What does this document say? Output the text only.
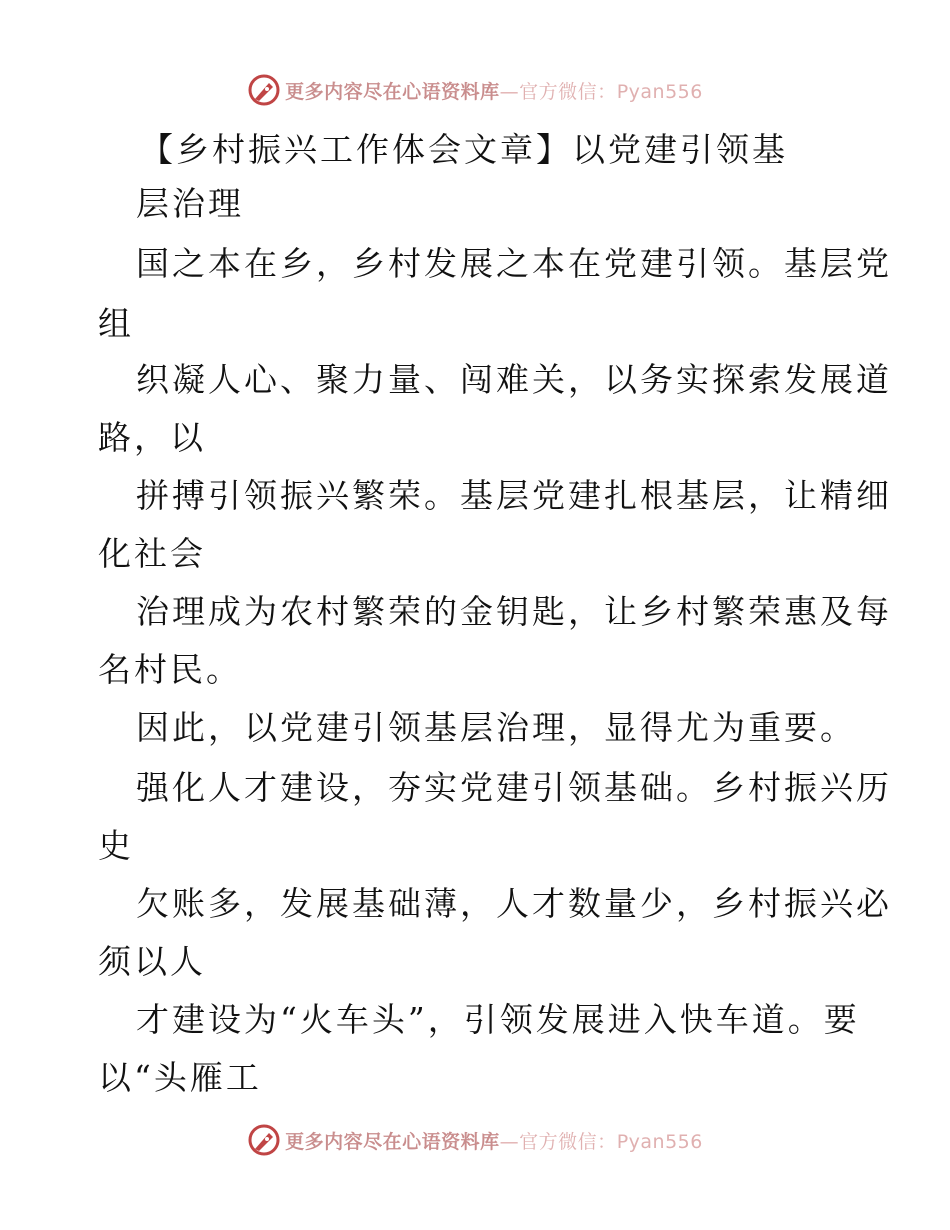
更多内容尽在心语资料库—官方微信：Pyan556
【乡村振兴工作体会文章】以党建引领基
层治理
国之本在乡，乡村发展之本在党建引领。基层党
组
织凝人心、聚力量、闯难关，以务实探索发展道
路，以
拼搏引领振兴繁荣。基层党建扎根基层，让精细
化社会
治理成为农村繁荣的金钥匙，让乡村繁荣惠及每
名村民。
因此，以党建引领基层治理，显得尤为重要。
强化人才建设，夯实党建引领基础。乡村振兴历
史
欠账多，发展基础薄，人才数量少，乡村振兴必
须以人
才建设为“火车头”，引领发展进入快车道。要
以“头雁工
更多内容尽在心语资料库—官方微信：Pyan556
